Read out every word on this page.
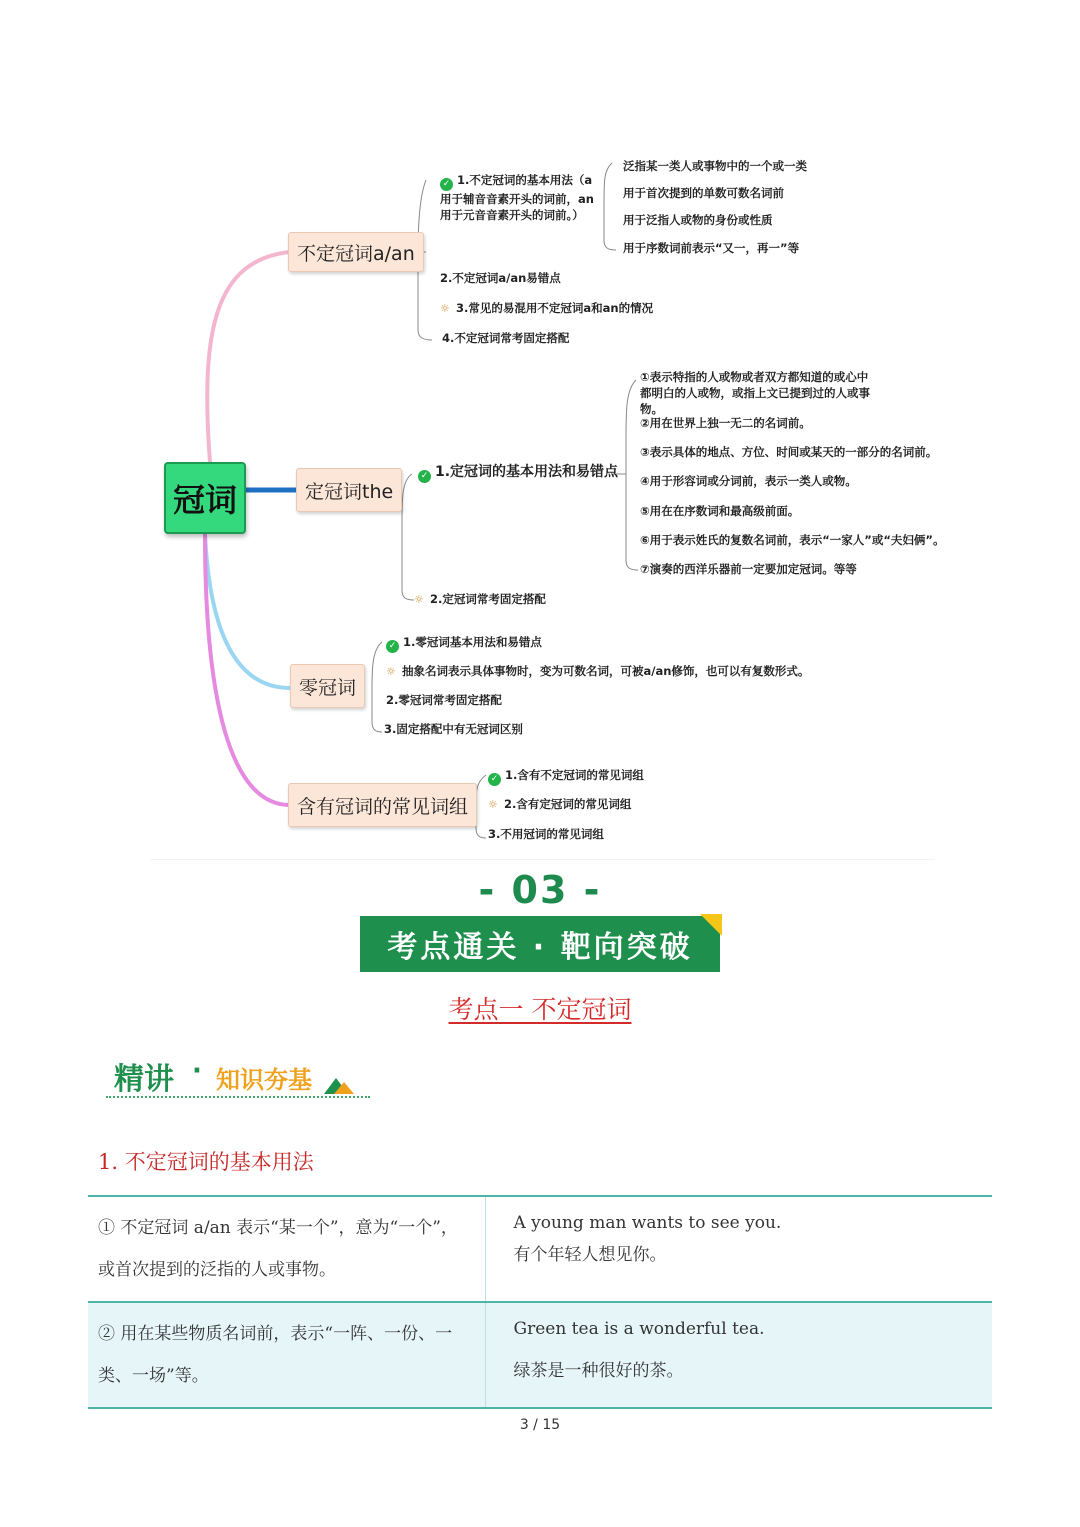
冠词
不定冠词a/an
✓ 1.不定冠词的基本用法（a用于辅音音素开头的词前，an 用于元音音素开头的词前。）
泛指某一类人或事物中的一个或一类
用于首次提到的单数可数名词前
用于泛指人或物的身份或性质
用于序数词前表示“又一，再一”等
2.不定冠词a/an易错点
☼ 3.常见的易混用不定冠词a和an的情况
4.不定冠词常考固定搭配
定冠词the
✓ 1.定冠词的基本用法和易错点
①表示特指的人或物或者双方都知道的或心中都明白的人或物，或指上文已提到过的人或事物。
②用在世界上独一无二的名词前。
③表示具体的地点、方位、时间或某天的一部分的名词前。
④用于形容词或分词前，表示一类人或物。
⑤用在在序数词和最高级前面。
⑥用于表示姓氏的复数名词前，表示“一家人”或“夫妇俩”。
⑦演奏的西洋乐器前一定要加定冠词。等等
☼ 2.定冠词常考固定搭配
零冠词
✓ 1.零冠词基本用法和易错点
☼ 抽象名词表示具体事物时，变为可数名词，可被a/an修饰，也可以有复数形式。
2.零冠词常考固定搭配
3.固定搭配中有无冠词区别
含有冠词的常见词组
✓ 1.含有不定冠词的常见词组
☼ 2.含有定冠词的常见词组
3.不用冠词的常见词组
- 03 -
考点通关 · 靶向突破
考点一 不定冠词
精讲 · 知识夯基
1. 不定冠词的基本用法
① 不定冠词 a/an 表示“某一个”，意为“一个”，或首次提到的泛指的人或事物。	A young man wants to see you.
有个年轻人想见你。

② 用在某些物质名词前，表示“一阵、一份、一类、一场”等。	Green tea is a wonderful tea.
绿茶是一种很好的茶。
3 / 15
